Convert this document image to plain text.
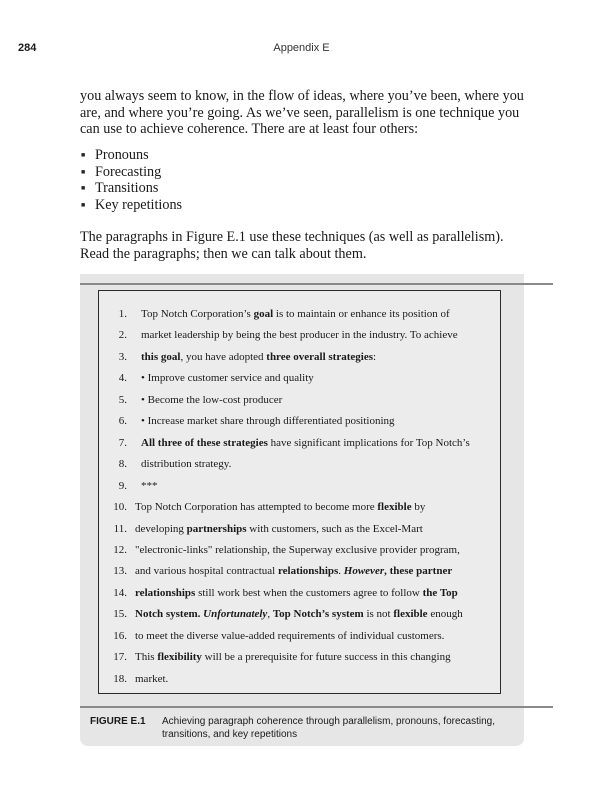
284	Appendix E

you always seem to know, in the flow of ideas, where you’ve been, where you are, and where you’re going. As we’ve seen, parallelism is one technique you can use to achieve coherence. There are at least four others:

■ Pronouns
■ Forecasting
■ Transitions
■ Key repetitions

The paragraphs in Figure E.1 use these techniques (as well as parallelism). Read the paragraphs; then we can talk about them.

1. Top Notch Corporation’s goal is to maintain or enhance its position of
2. market leadership by being the best producer in the industry. To achieve
3. this goal, you have adopted three overall strategies:
4. • Improve customer service and quality
5. • Become the low-cost producer
6. • Increase market share through differentiated positioning
7. All three of these strategies have significant implications for Top Notch’s
8. distribution strategy.
9. ***
10. Top Notch Corporation has attempted to become more flexible by
11. developing partnerships with customers, such as the Excel-Mart
12. "electronic-links" relationship, the Superway exclusive provider program,
13. and various hospital contractual relationships. However, these partner
14. relationships still work best when the customers agree to follow the Top
15. Notch system. Unfortunately, Top Notch’s system is not flexible enough
16. to meet the diverse value-added requirements of individual customers.
17. This flexibility will be a prerequisite for future success in this changing
18. market.
FIGURE E.1 Achieving paragraph coherence through parallelism, pronouns, forecasting, transitions, and key repetitions
